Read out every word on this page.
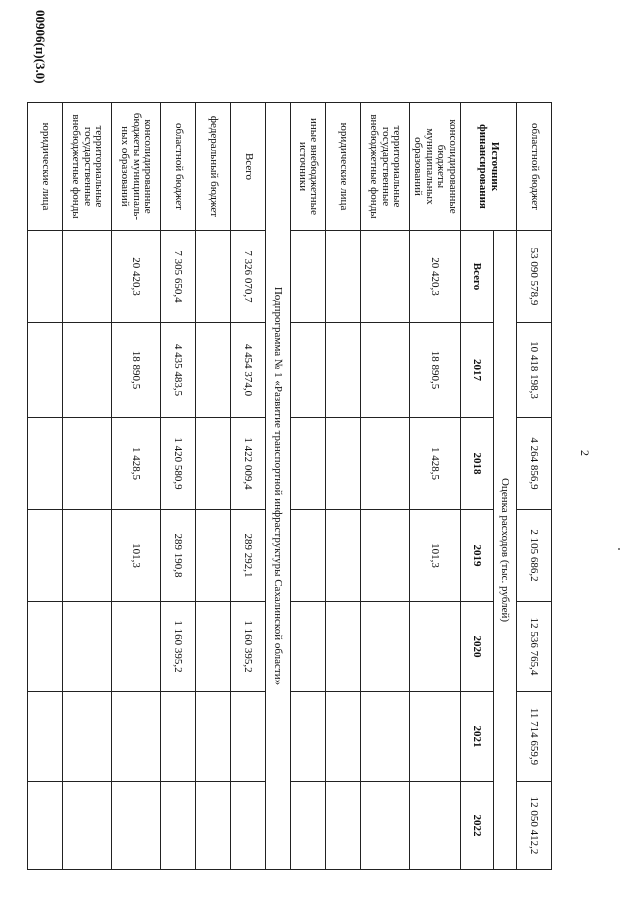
2
областной бюджет	53 090 578,9	10 418 198,3	4 264 856,9	2 105 686,2	12 536 765,4	11 714 659,9	12 050 412,2
Источник финансирования	Оценка расходов (тыс. рублей)						
	Всего	2017	2018	2019	2020	2021	2022
консолидированные бюджеты муниципальных образований	20 420,3	18 890,5	1 428,5	101,3			
территориальные государственные внебюджетные фонды							
юридические лица							
иные внебюджетные источники							
Подпрограмма № 1 «Развитие транспортной инфраструктуры Сахалинской области»							
Всего	7 326 070,7	4 454 374,0	1 422 009,4	289 292,1	1 160 395,2		
федеральный бюджет							
областной бюджет	7 305 650,4	4 435 483,5	1 420 580,9	289 190,8	1 160 395,2		
консолидированные бюджеты муниципаль-ных образований	20 420,3	18 890,5	1 428,5	101,3			
территориальные государственные внебюджетные фонды							
юридические лица							
00906(п)(3.0)
